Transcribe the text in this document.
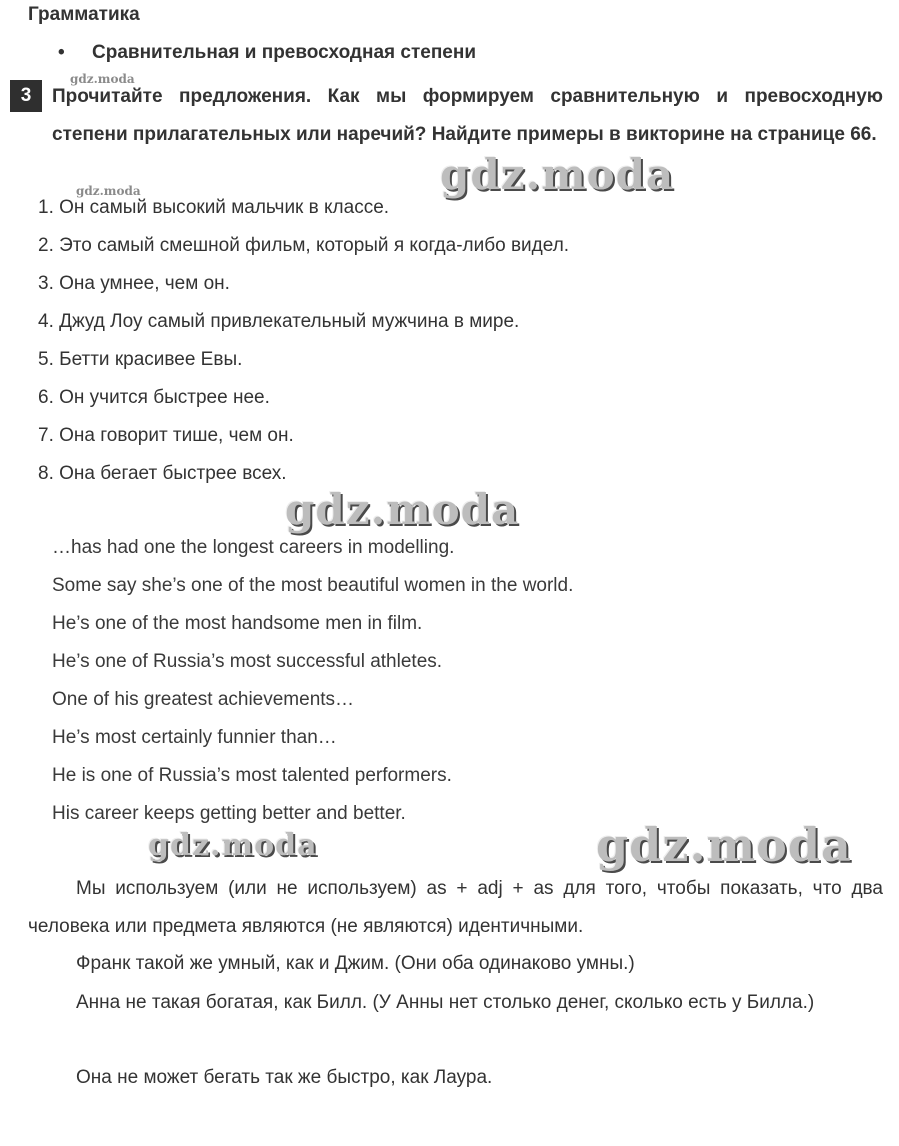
Грамматика
• Сравнительная и превосходная степени
3	Прочитайте предложения. Как мы формируем сравнительную и превосходную степени прилагательных или наречий? Найдите примеры в викторине на странице 66.
1. Он самый высокий мальчик в классе.
2. Это самый смешной фильм, который я когда-либо видел.
3. Она умнее, чем он.
4. Джуд Лоу самый привлекательный мужчина в мире.
5. Бетти красивее Евы.
6. Он учится быстрее нее.
7. Она говорит тише, чем он.
8. Она бегает быстрее всех.
…has had one the longest careers in modelling.
Some say she’s one of the most beautiful women in the world.
He’s one of the most handsome men in film.
He’s one of Russia’s most successful athletes.
One of his greatest achievements…
He’s most certainly funnier than…
He is one of Russia’s most talented performers.
His career keeps getting better and better.
Мы используем (или не используем) as + adj + as для того, чтобы показать, что два человека или предмета являются (не являются) идентичными.
Франк такой же умный, как и Джим. (Они оба одинаково умны.)
Анна не такая богатая, как Билл. (У Анны нет столько денег, сколько есть у Билла.)
Она не может бегать так же быстро, как Лаура.
gdz.moda
gdz.moda	gdz.moda
gdz.moda
gdz.moda	gdz.moda
